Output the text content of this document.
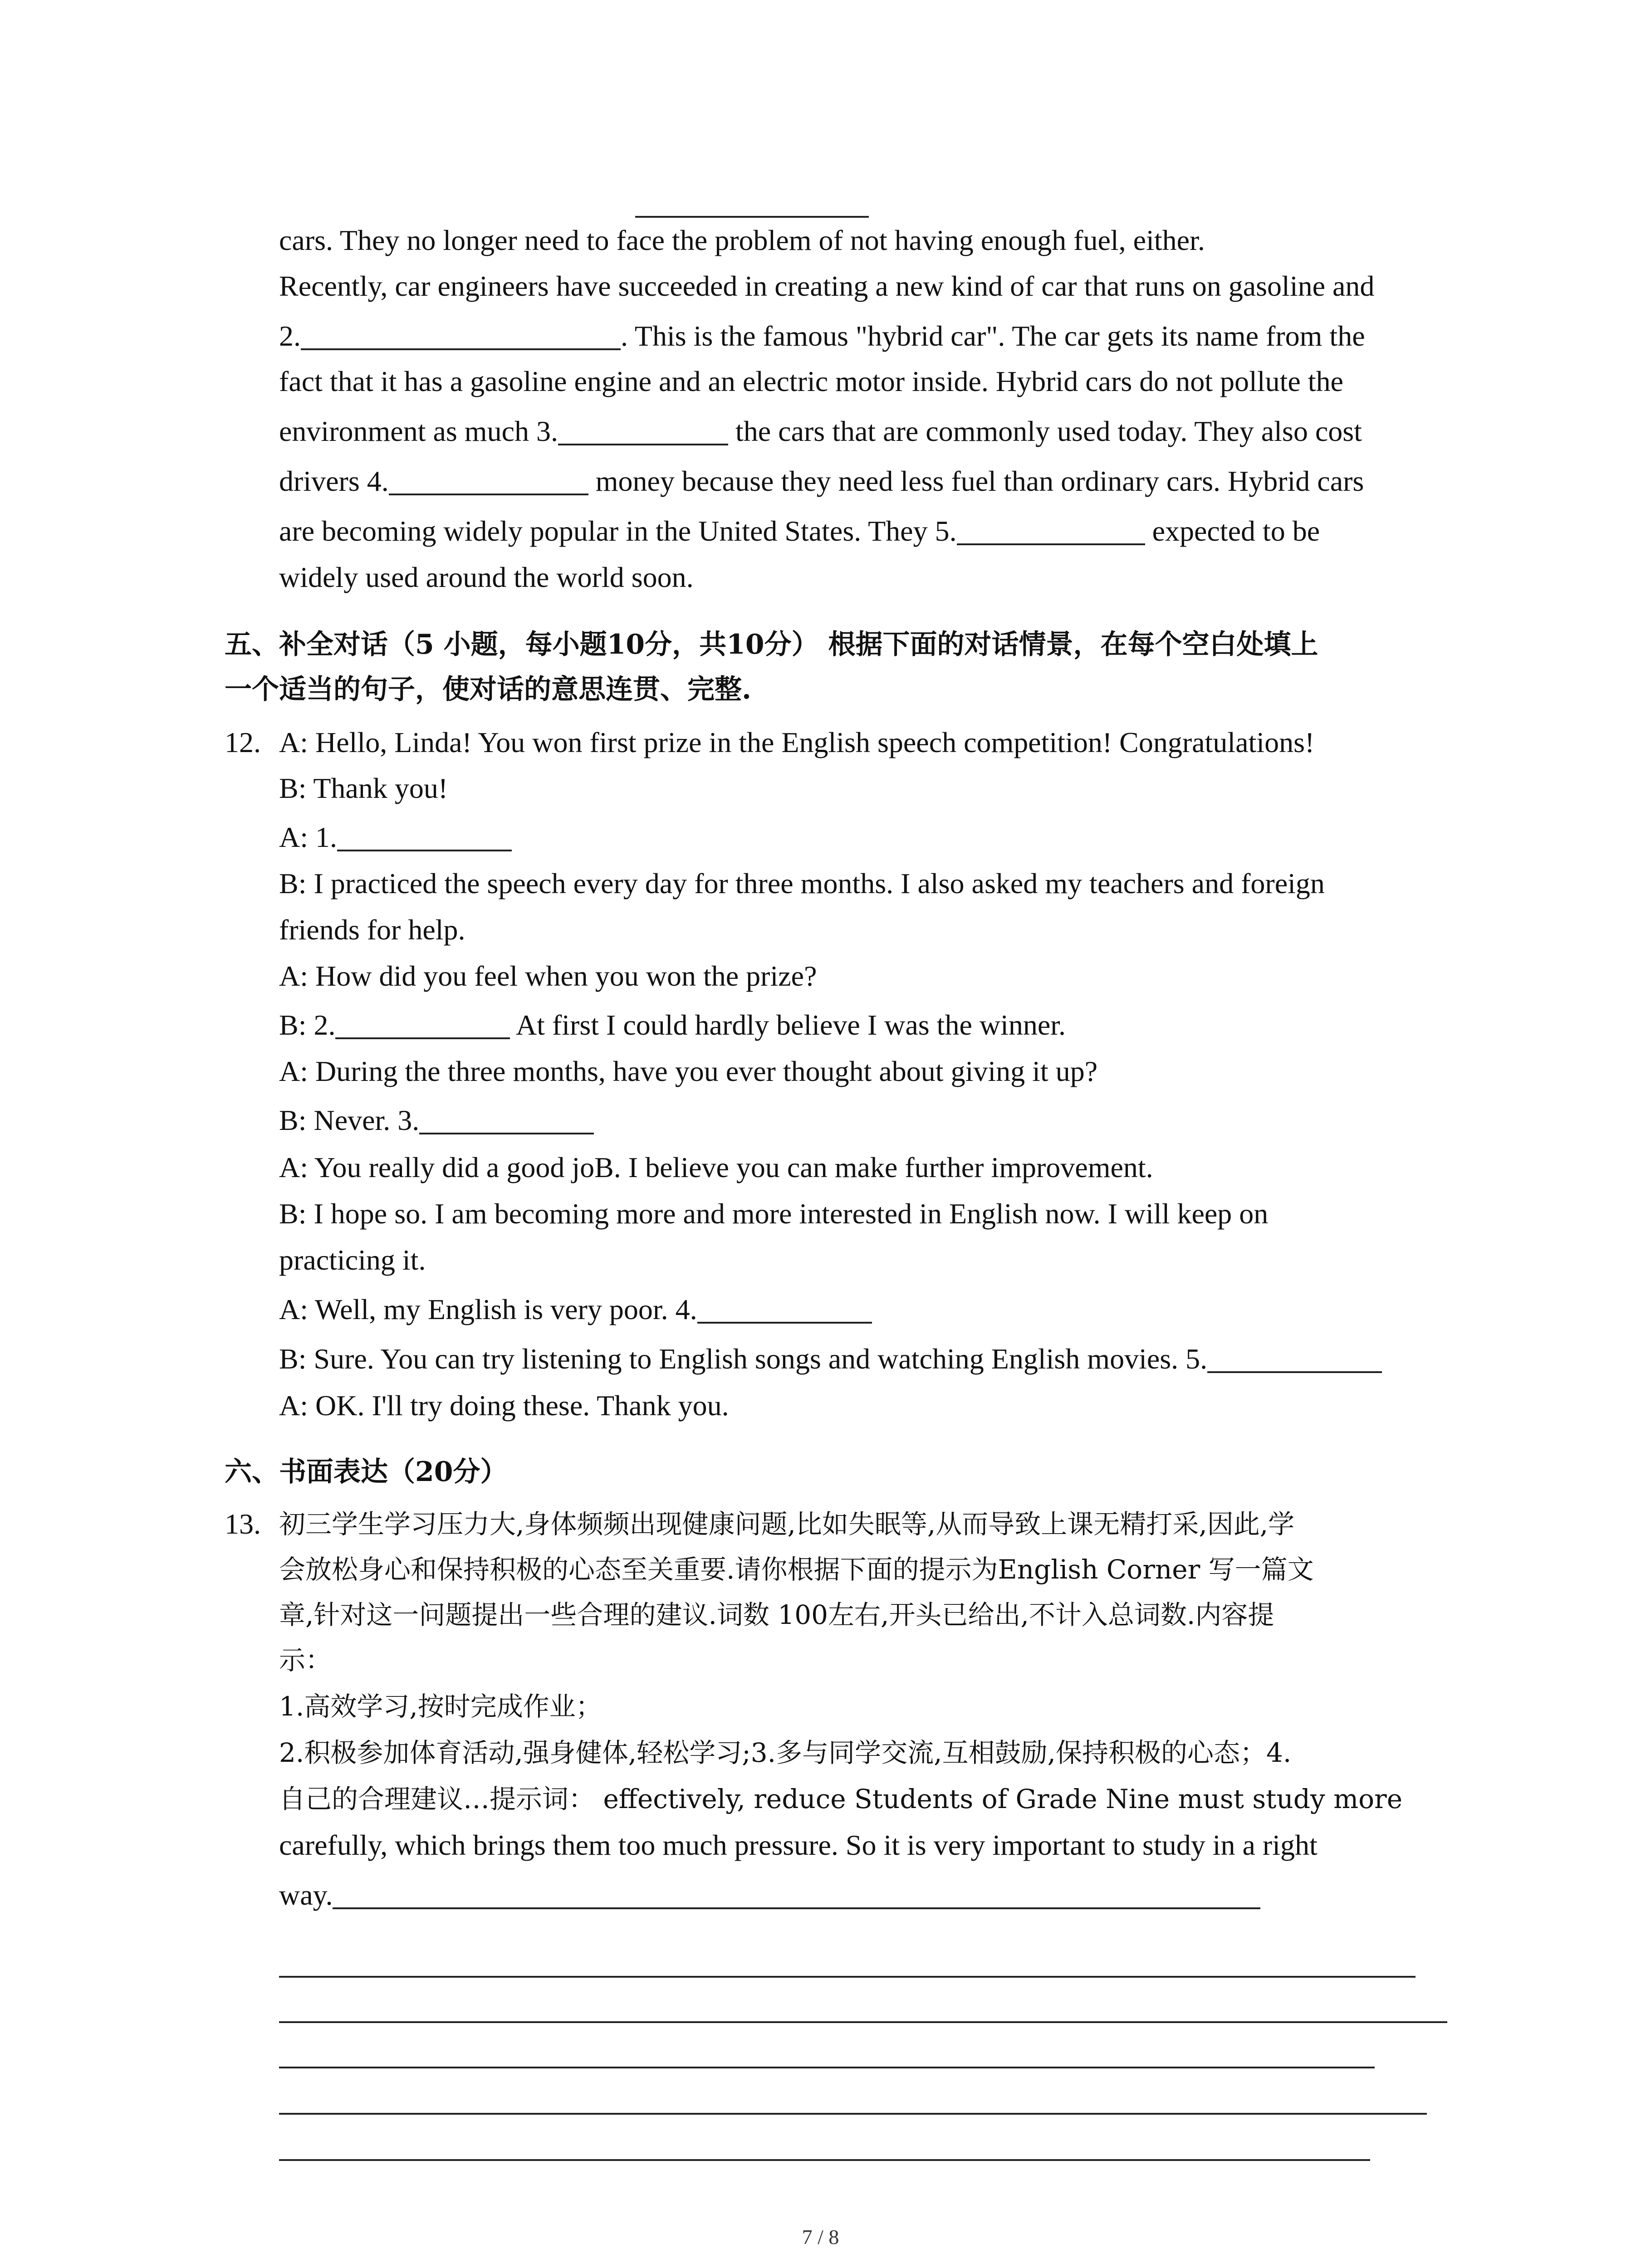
cars. They no longer need to face the problem of not having enough fuel, either.
Recently, car engineers have succeeded in creating a new kind of car that runs on gasoline and
2.	. This is the famous "hybrid car". The car gets its name from the
fact that it has a gasoline engine and an electric motor inside. Hybrid cars do not pollute the
environment as much 3.	the cars that are commonly used today. They also cost
drivers 4.	money because they need less fuel than ordinary cars. Hybrid cars
are becoming widely popular in the United States. They 5.	expected to be
widely used around the world soon.
五、补全对话（5 小题，每小题10分，共10分） 根据下面的对话情景，在每个空白处填上
一个适当的句子，使对话的意思连贯、完整.
12. A: Hello, Linda! You won first prize in the English speech competition! Congratulations!
B: Thank you!
A: 1.
B: I practiced the speech every day for three months. I also asked my teachers and foreign
friends for help.
A: How did you feel when you won the prize?
B: 2.	At first I could hardly believe I was the winner.
A: During the three months, have you ever thought about giving it up?
B: Never. 3.
A: You really did a good joB. I believe you can make further improvement.
B: I hope so. I am becoming more and more interested in English now. I will keep on
practicing it.
A: Well, my English is very poor. 4.
B: Sure. You can try listening to English songs and watching English movies. 5.
A: OK. I'll try doing these. Thank you.
六、书面表达（20分）
13. 初三学生学习压力大,身体频频出现健康问题,比如失眠等,从而导致上课无精打采,因此,学
会放松身心和保持积极的心态至关重要.请你根据下面的提示为English Corner 写一篇文
章,针对这一问题提出一些合理的建议.词数 100左右,开头已给出,不计入总词数.内容提
示：
1.高效学习,按时完成作业；
2.积极参加体育活动,强身健体,轻松学习;3.多与同学交流,互相鼓励,保持积极的心态；4.
自己的合理建议…提示词： effectively, reduce Students of Grade Nine must study more
carefully, which brings them too much pressure. So it is very important to study in a right
way.
7 / 8
